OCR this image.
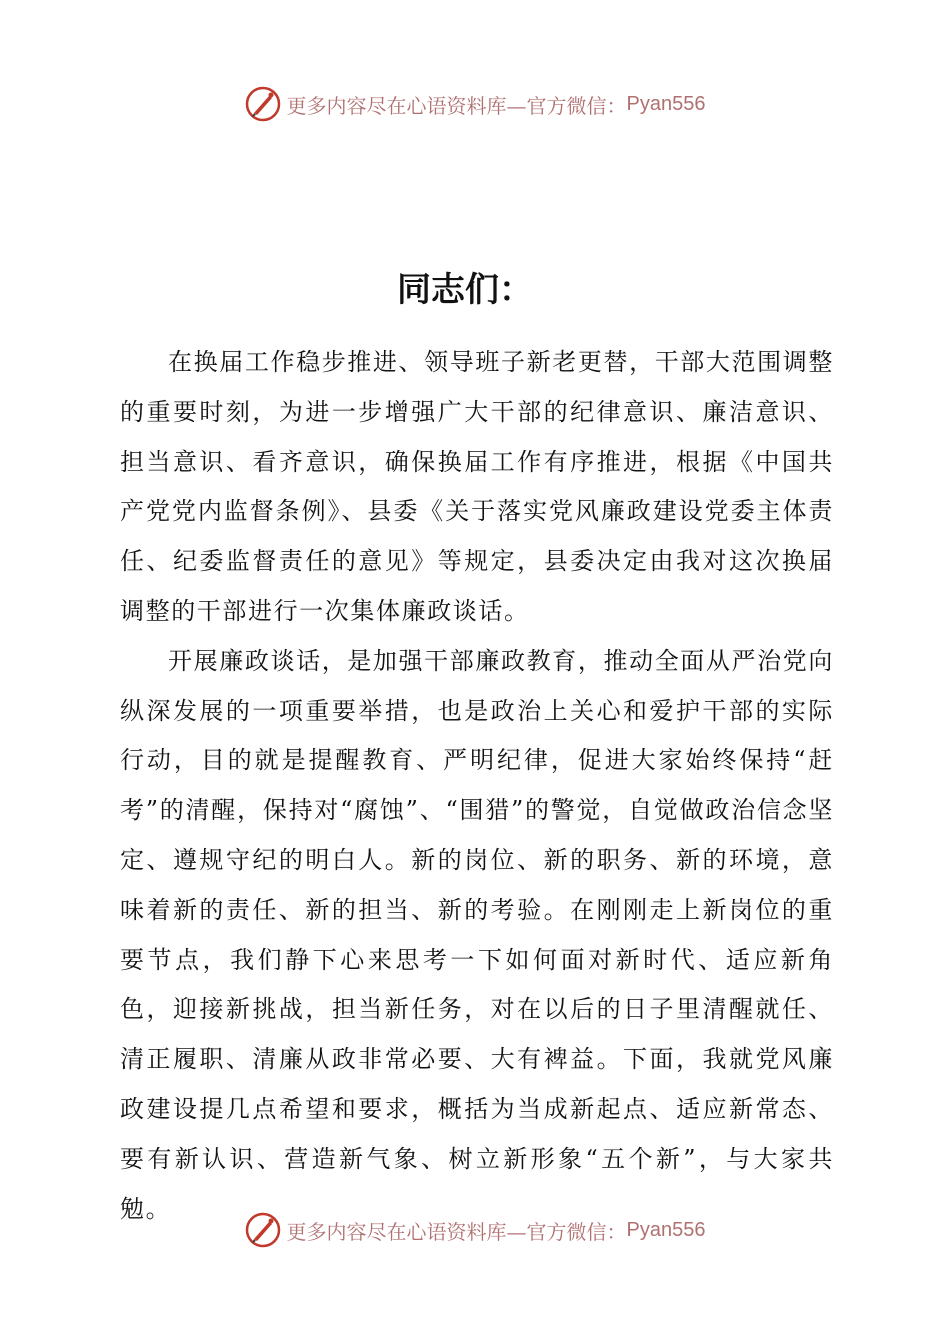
更多内容尽在心语资料库—官方微信： Pyan556
同志们：

在换届工作稳步推进、领导班子新老更替，干部大范围调整的重要时刻，为进一步增强广大干部的纪律意识、廉洁意识、担当意识、看齐意识，确保换届工作有序推进，根据《中国共产党党内监督条例》、县委《关于落实党风廉政建设党委主体责任、纪委监督责任的意见》等规定，县委决定由我对这次换届调整的干部进行一次集体廉政谈话。

开展廉政谈话，是加强干部廉政教育，推动全面从严治党向纵深发展的一项重要举措，也是政治上关心和爱护干部的实际行动，目的就是提醒教育、严明纪律，促进大家始终保持“赶考”的清醒，保持对“腐蚀”、“围猎”的警觉，自觉做政治信念坚定、遵规守纪的明白人。新的岗位、新的职务、新的环境，意味着新的责任、新的担当、新的考验。在刚刚走上新岗位的重要节点，我们静下心来思考一下如何面对新时代、适应新角色，迎接新挑战，担当新任务，对在以后的日子里清醒就任、清正履职、清廉从政非常必要、大有裨益。下面，我就党风廉政建设提几点希望和要求，概括为当成新起点、适应新常态、要有新认识、营造新气象、树立新形象“五个新”，与大家共勉。

更多内容尽在心语资料库—官方微信： Pyan556
